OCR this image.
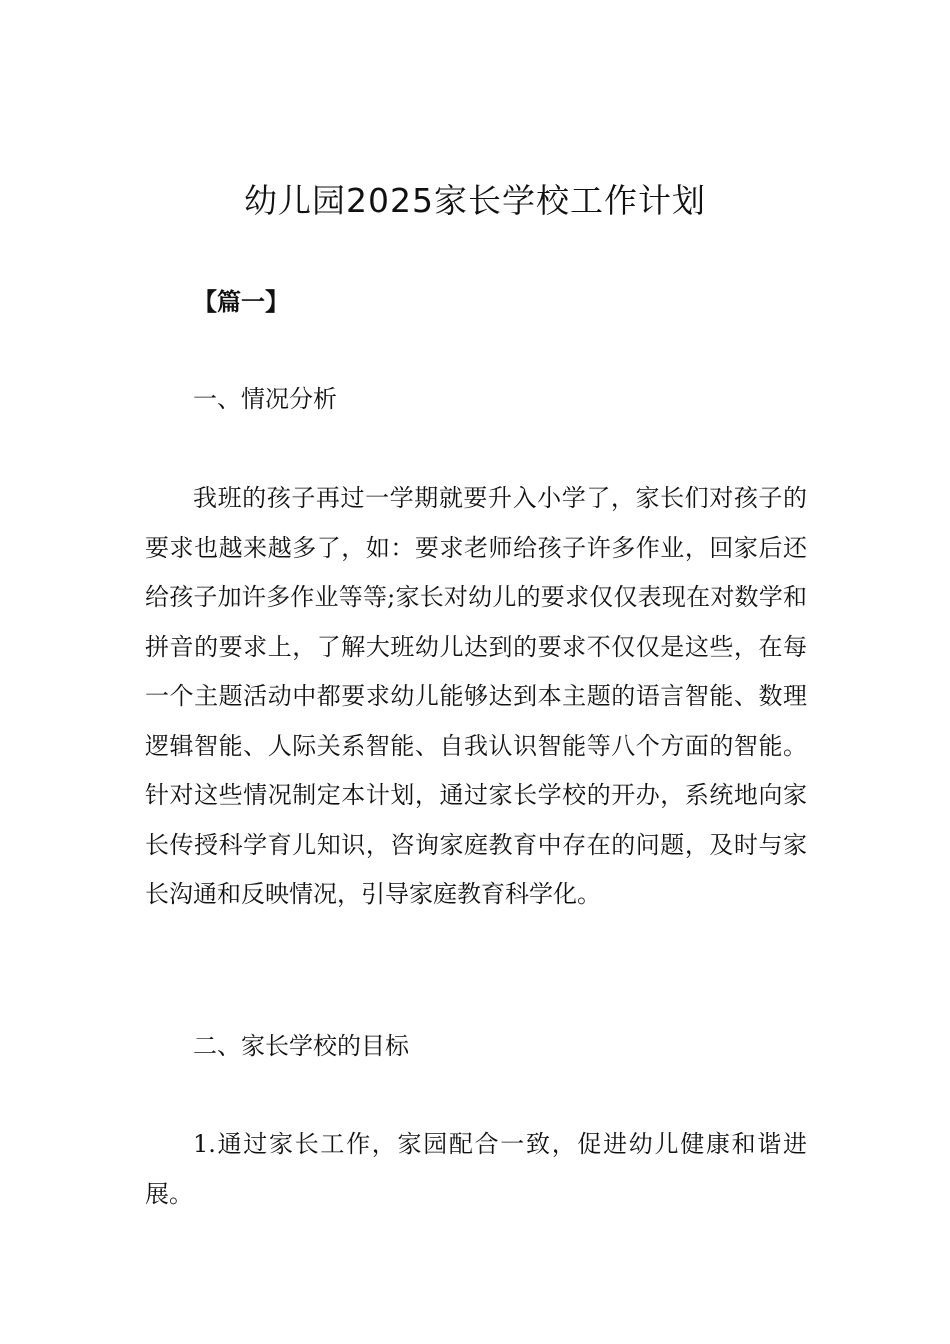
幼儿园2025家长学校工作计划

【篇一】

一、情况分析

我班的孩子再过一学期就要升入小学了，家长们对孩子的要求也越来越多了，如：要求老师给孩子许多作业，回家后还给孩子加许多作业等等;家长对幼儿的要求仅仅表现在对数学和拼音的要求上，了解大班幼儿达到的要求不仅仅是这些，在每一个主题活动中都要求幼儿能够达到本主题的语言智能、数理逻辑智能、人际关系智能、自我认识智能等八个方面的智能。针对这些情况制定本计划，通过家长学校的开办，系统地向家长传授科学育儿知识，咨询家庭教育中存在的问题，及时与家长沟通和反映情况，引导家庭教育科学化。

二、家长学校的目标

1.通过家长工作，家园配合一致，促进幼儿健康和谐进展。
